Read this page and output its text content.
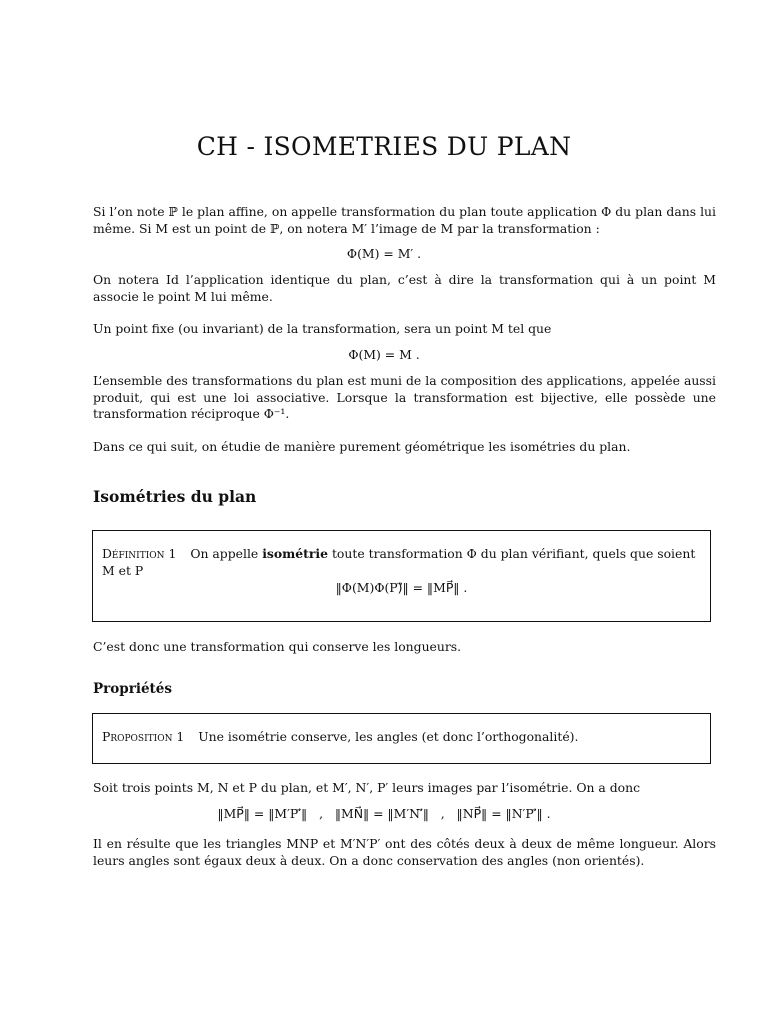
CH - ISOMETRIES DU PLAN
Si l’on note ℙ le plan affine, on appelle transformation du plan toute application Φ du plan dans lui même. Si M est un point de ℙ, on notera M′ l’image de M par la transformation :
Φ(M) = M′ .
On notera Id l’application identique du plan, c’est à dire la transformation qui à un point M associe le point M lui même.
Un point fixe (ou invariant) de la transformation, sera un point M tel que
Φ(M) = M .
L’ensemble des transformations du plan est muni de la composition des applications, appelée aussi produit, qui est une loi associative. Lorsque la transformation est bijective, elle possède une transformation réciproque Φ⁻¹.
Dans ce qui suit, on étudie de manière purement géométrique les isométries du plan.
Isométries du plan
Définition 1 On appelle isométrie toute transformation Φ du plan vérifiant, quels que soient M et P
‖Φ(M)Φ(P)⃗‖ = ‖MP⃗‖ .
C’est donc une transformation qui conserve les longueurs.
Propriétés
Proposition 1 Une isométrie conserve, les angles (et donc l’orthogonalité).
Soit trois points M, N et P du plan, et M′, N′, P′ leurs images par l’isométrie. On a donc
‖MP⃗‖ = ‖M′P′⃗‖   ,   ‖MN⃗‖ = ‖M′N′⃗‖   ,   ‖NP⃗‖ = ‖N′P′⃗‖ .
Il en résulte que les triangles MNP et M′N′P′ ont des côtés deux à deux de même longueur. Alors leurs angles sont égaux deux à deux. On a donc conservation des angles (non orientés).
